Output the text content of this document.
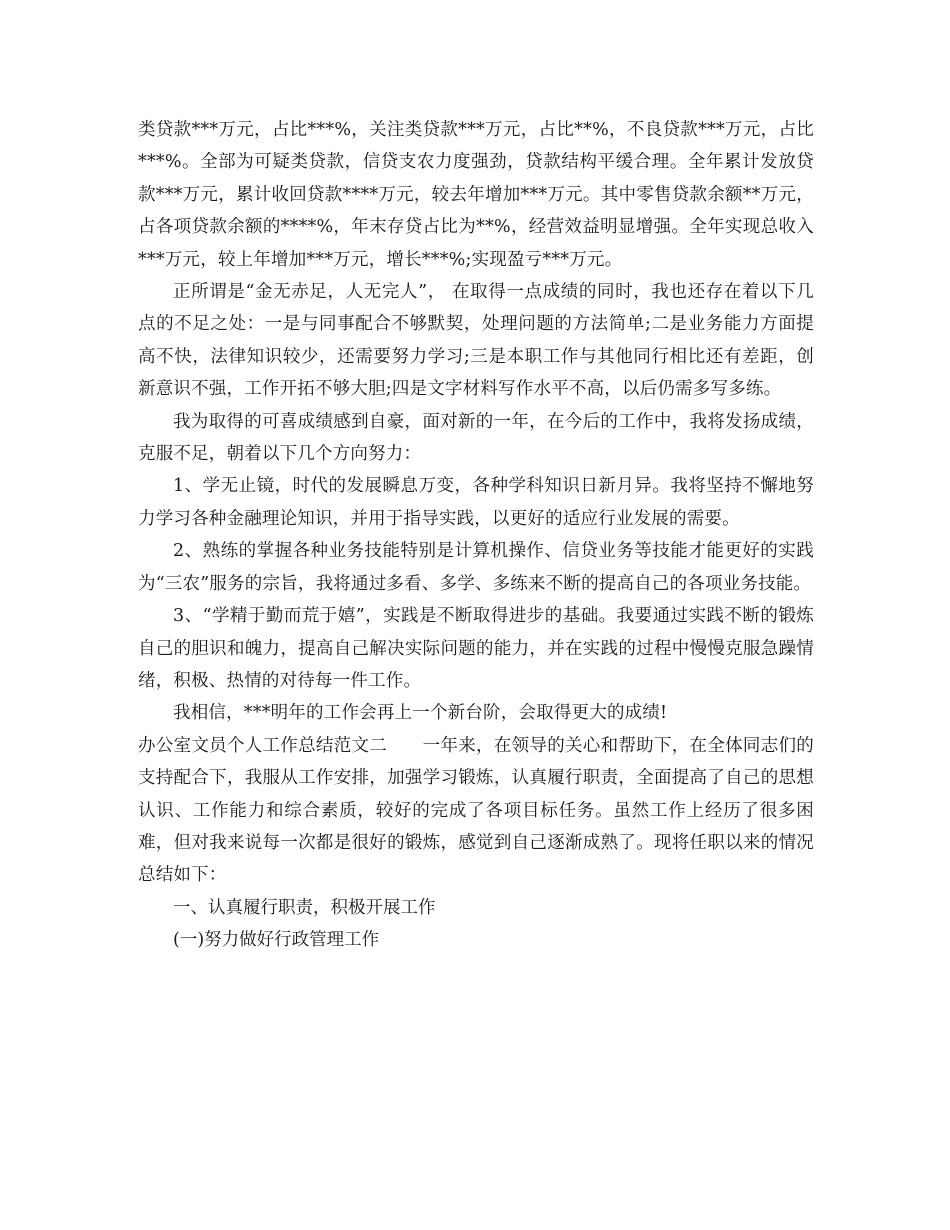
类贷款***万元，占比***%，关注类贷款***万元，占比**%，不良贷款***万元，占比***%。全部为可疑类贷款，信贷支农力度强劲，贷款结构平缓合理。全年累计发放贷款***万元，累计收回贷款****万元，较去年增加***万元。其中零售贷款余额**万元，占各项贷款余额的****%，年末存贷占比为**%，经营效益明显增强。全年实现总收入***万元，较上年增加***万元，增长***%;实现盈亏***万元。

正所谓是“金无赤足，人无完人”， 在取得一点成绩的同时，我也还存在着以下几点的不足之处：一是与同事配合不够默契，处理问题的方法简单;二是业务能力方面提高不快，法律知识较少，还需要努力学习;三是本职工作与其他同行相比还有差距，创新意识不强，工作开拓不够大胆;四是文字材料写作水平不高，以后仍需多写多练。

我为取得的可喜成绩感到自豪，面对新的一年，在今后的工作中，我将发扬成绩，克服不足，朝着以下几个方向努力：

1、学无止镜，时代的发展瞬息万变，各种学科知识日新月异。我将坚持不懈地努力学习各种金融理论知识，并用于指导实践，以更好的适应行业发展的需要。

2、熟练的掌握各种业务技能特别是计算机操作、信贷业务等技能才能更好的实践为“三农”服务的宗旨，我将通过多看、多学、多练来不断的提高自己的各项业务技能。

3、“学精于勤而荒于嬉”，实践是不断取得进步的基础。我要通过实践不断的锻炼自己的胆识和魄力，提高自己解决实际问题的能力，并在实践的过程中慢慢克服急躁情绪，积极、热情的对待每一件工作。

我相信，***明年的工作会再上一个新台阶，会取得更大的成绩!

办公室文员个人工作总结范文二　　一年来，在领导的关心和帮助下，在全体同志们的支持配合下，我服从工作安排，加强学习锻炼，认真履行职责，全面提高了自己的思想认识、工作能力和综合素质，较好的完成了各项目标任务。虽然工作上经历了很多困难，但对我来说每一次都是很好的锻炼，感觉到自己逐渐成熟了。现将任职以来的情况总结如下：

一、认真履行职责，积极开展工作

(一)努力做好行政管理工作
